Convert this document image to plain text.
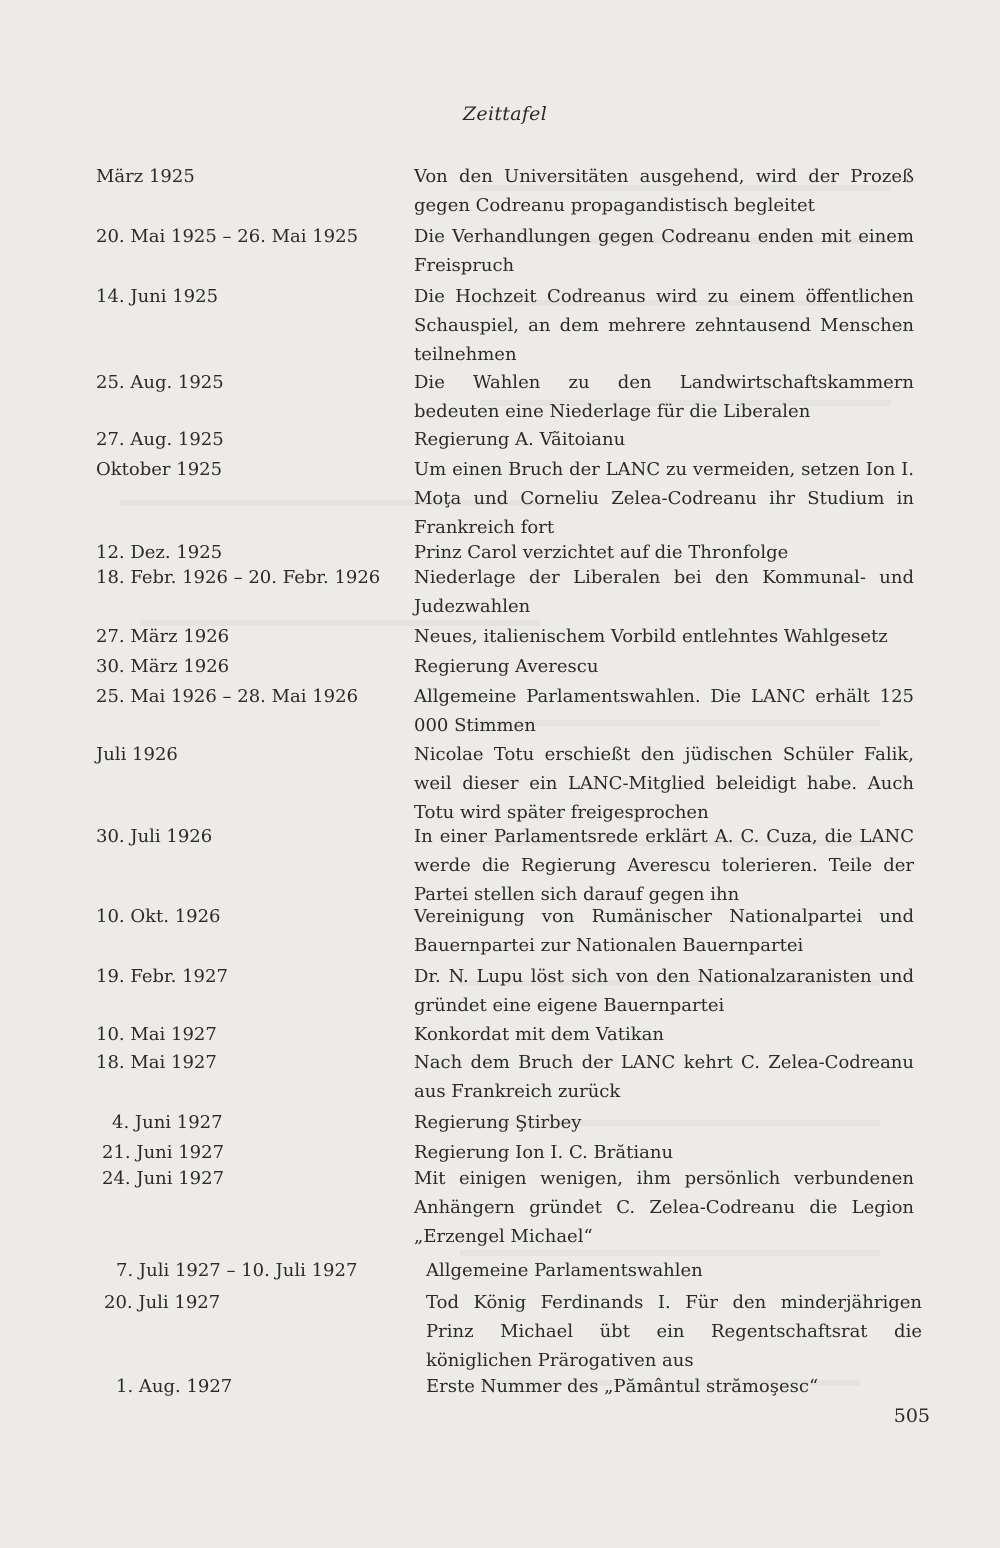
Zeittafel
März 1925	Von den Universitäten ausgehend, wird der Prozeß gegen Codreanu propagandistisch begleitet
20. Mai 1925 – 26. Mai 1925	Die Verhandlungen gegen Codreanu enden mit einem Freispruch
14. Juni 1925	Die Hochzeit Codreanus wird zu einem öffentlichen Schauspiel, an dem mehrere zehntausend Menschen teilnehmen
25. Aug. 1925	Die Wahlen zu den Landwirtschaftskammern bedeuten eine Niederlage für die Liberalen
27. Aug. 1925	Regierung A. Vãitoianu
Oktober 1925	Um einen Bruch der LANC zu vermeiden, setzen Ion I. Moţa und Corneliu Zelea-Codreanu ihr Studium in Frankreich fort
12. Dez. 1925	Prinz Carol verzichtet auf die Thronfolge
18. Febr. 1926 – 20. Febr. 1926	Niederlage der Liberalen bei den Kommunal- und Judezwahlen
27. März 1926	Neues, italienischem Vorbild entlehntes Wahlgesetz
30. März 1926	Regierung Averescu
25. Mai 1926 – 28. Mai 1926	Allgemeine Parlamentswahlen. Die LANC erhält 125 000 Stimmen
Juli 1926	Nicolae Totu erschießt den jüdischen Schüler Falik, weil dieser ein LANC-Mitglied beleidigt habe. Auch Totu wird später freigesprochen
30. Juli 1926	In einer Parlamentsrede erklärt A. C. Cuza, die LANC werde die Regierung Averescu tolerieren. Teile der Partei stellen sich darauf gegen ihn
10. Okt. 1926	Vereinigung von Rumänischer Nationalpartei und Bauernpartei zur Nationalen Bauernpartei
19. Febr. 1927	Dr. N. Lupu löst sich von den Nationalzaranisten und gründet eine eigene Bauernpartei
10. Mai 1927	Konkordat mit dem Vatikan
18. Mai 1927	Nach dem Bruch der LANC kehrt C. Zelea-Codreanu aus Frankreich zurück
4. Juni 1927	Regierung Ştirbey
21. Juni 1927	Regierung Ion I. C. Brătianu
24. Juni 1927	Mit einigen wenigen, ihm persönlich verbundenen Anhängern gründet C. Zelea-Codreanu die Legion „Erzengel Michael“
7. Juli 1927 – 10. Juli 1927	Allgemeine Parlamentswahlen
20. Juli 1927	Tod König Ferdinands I. Für den minderjährigen Prinz Michael übt ein Regentschaftsrat die königlichen Prärogativen aus
1. Aug. 1927	Erste Nummer des „Pământul strămoşesc“
505
